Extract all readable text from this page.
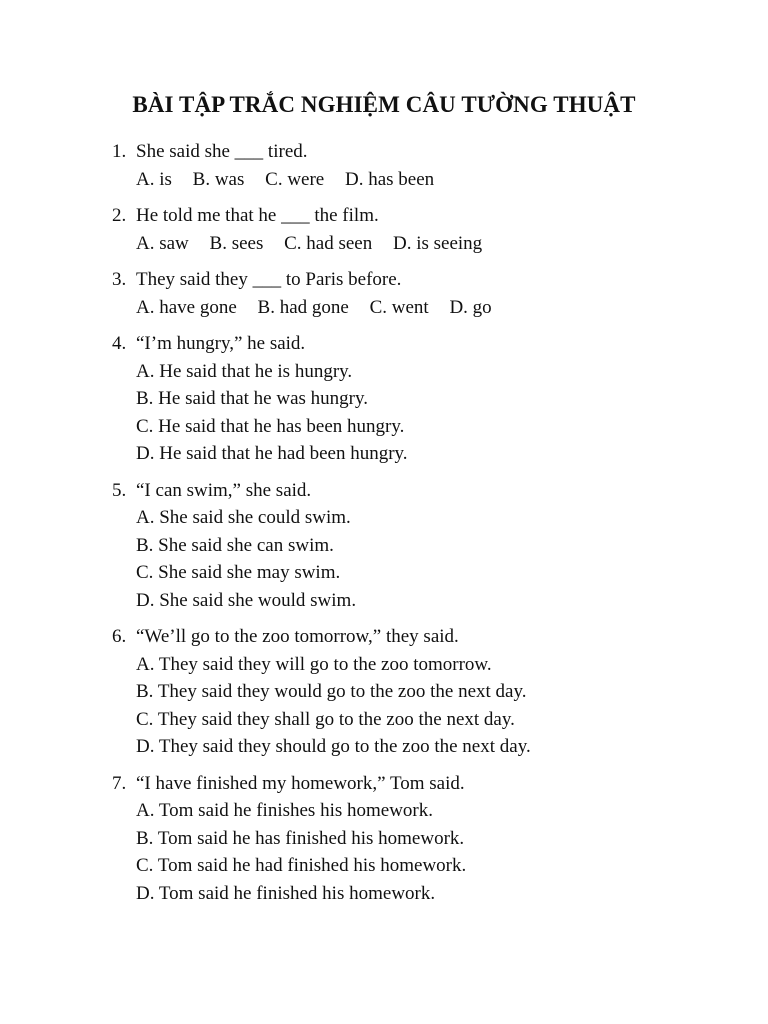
BÀI TẬP TRẮC NGHIỆM CÂU TƯỜNG THUẬT
1. She said she ___ tired.
A. is B. was C. were D. has been
2. He told me that he ___ the film.
A. saw B. sees C. had seen D. is seeing
3. They said they ___ to Paris before.
A. have gone B. had gone C. went D. go
4. “I’m hungry,” he said.
A. He said that he is hungry.
B. He said that he was hungry.
C. He said that he has been hungry.
D. He said that he had been hungry.
5. “I can swim,” she said.
A. She said she could swim.
B. She said she can swim.
C. She said she may swim.
D. She said she would swim.
6. “We’ll go to the zoo tomorrow,” they said.
A. They said they will go to the zoo tomorrow.
B. They said they would go to the zoo the next day.
C. They said they shall go to the zoo the next day.
D. They said they should go to the zoo the next day.
7. “I have finished my homework,” Tom said.
A. Tom said he finishes his homework.
B. Tom said he has finished his homework.
C. Tom said he had finished his homework.
D. Tom said he finished his homework.
